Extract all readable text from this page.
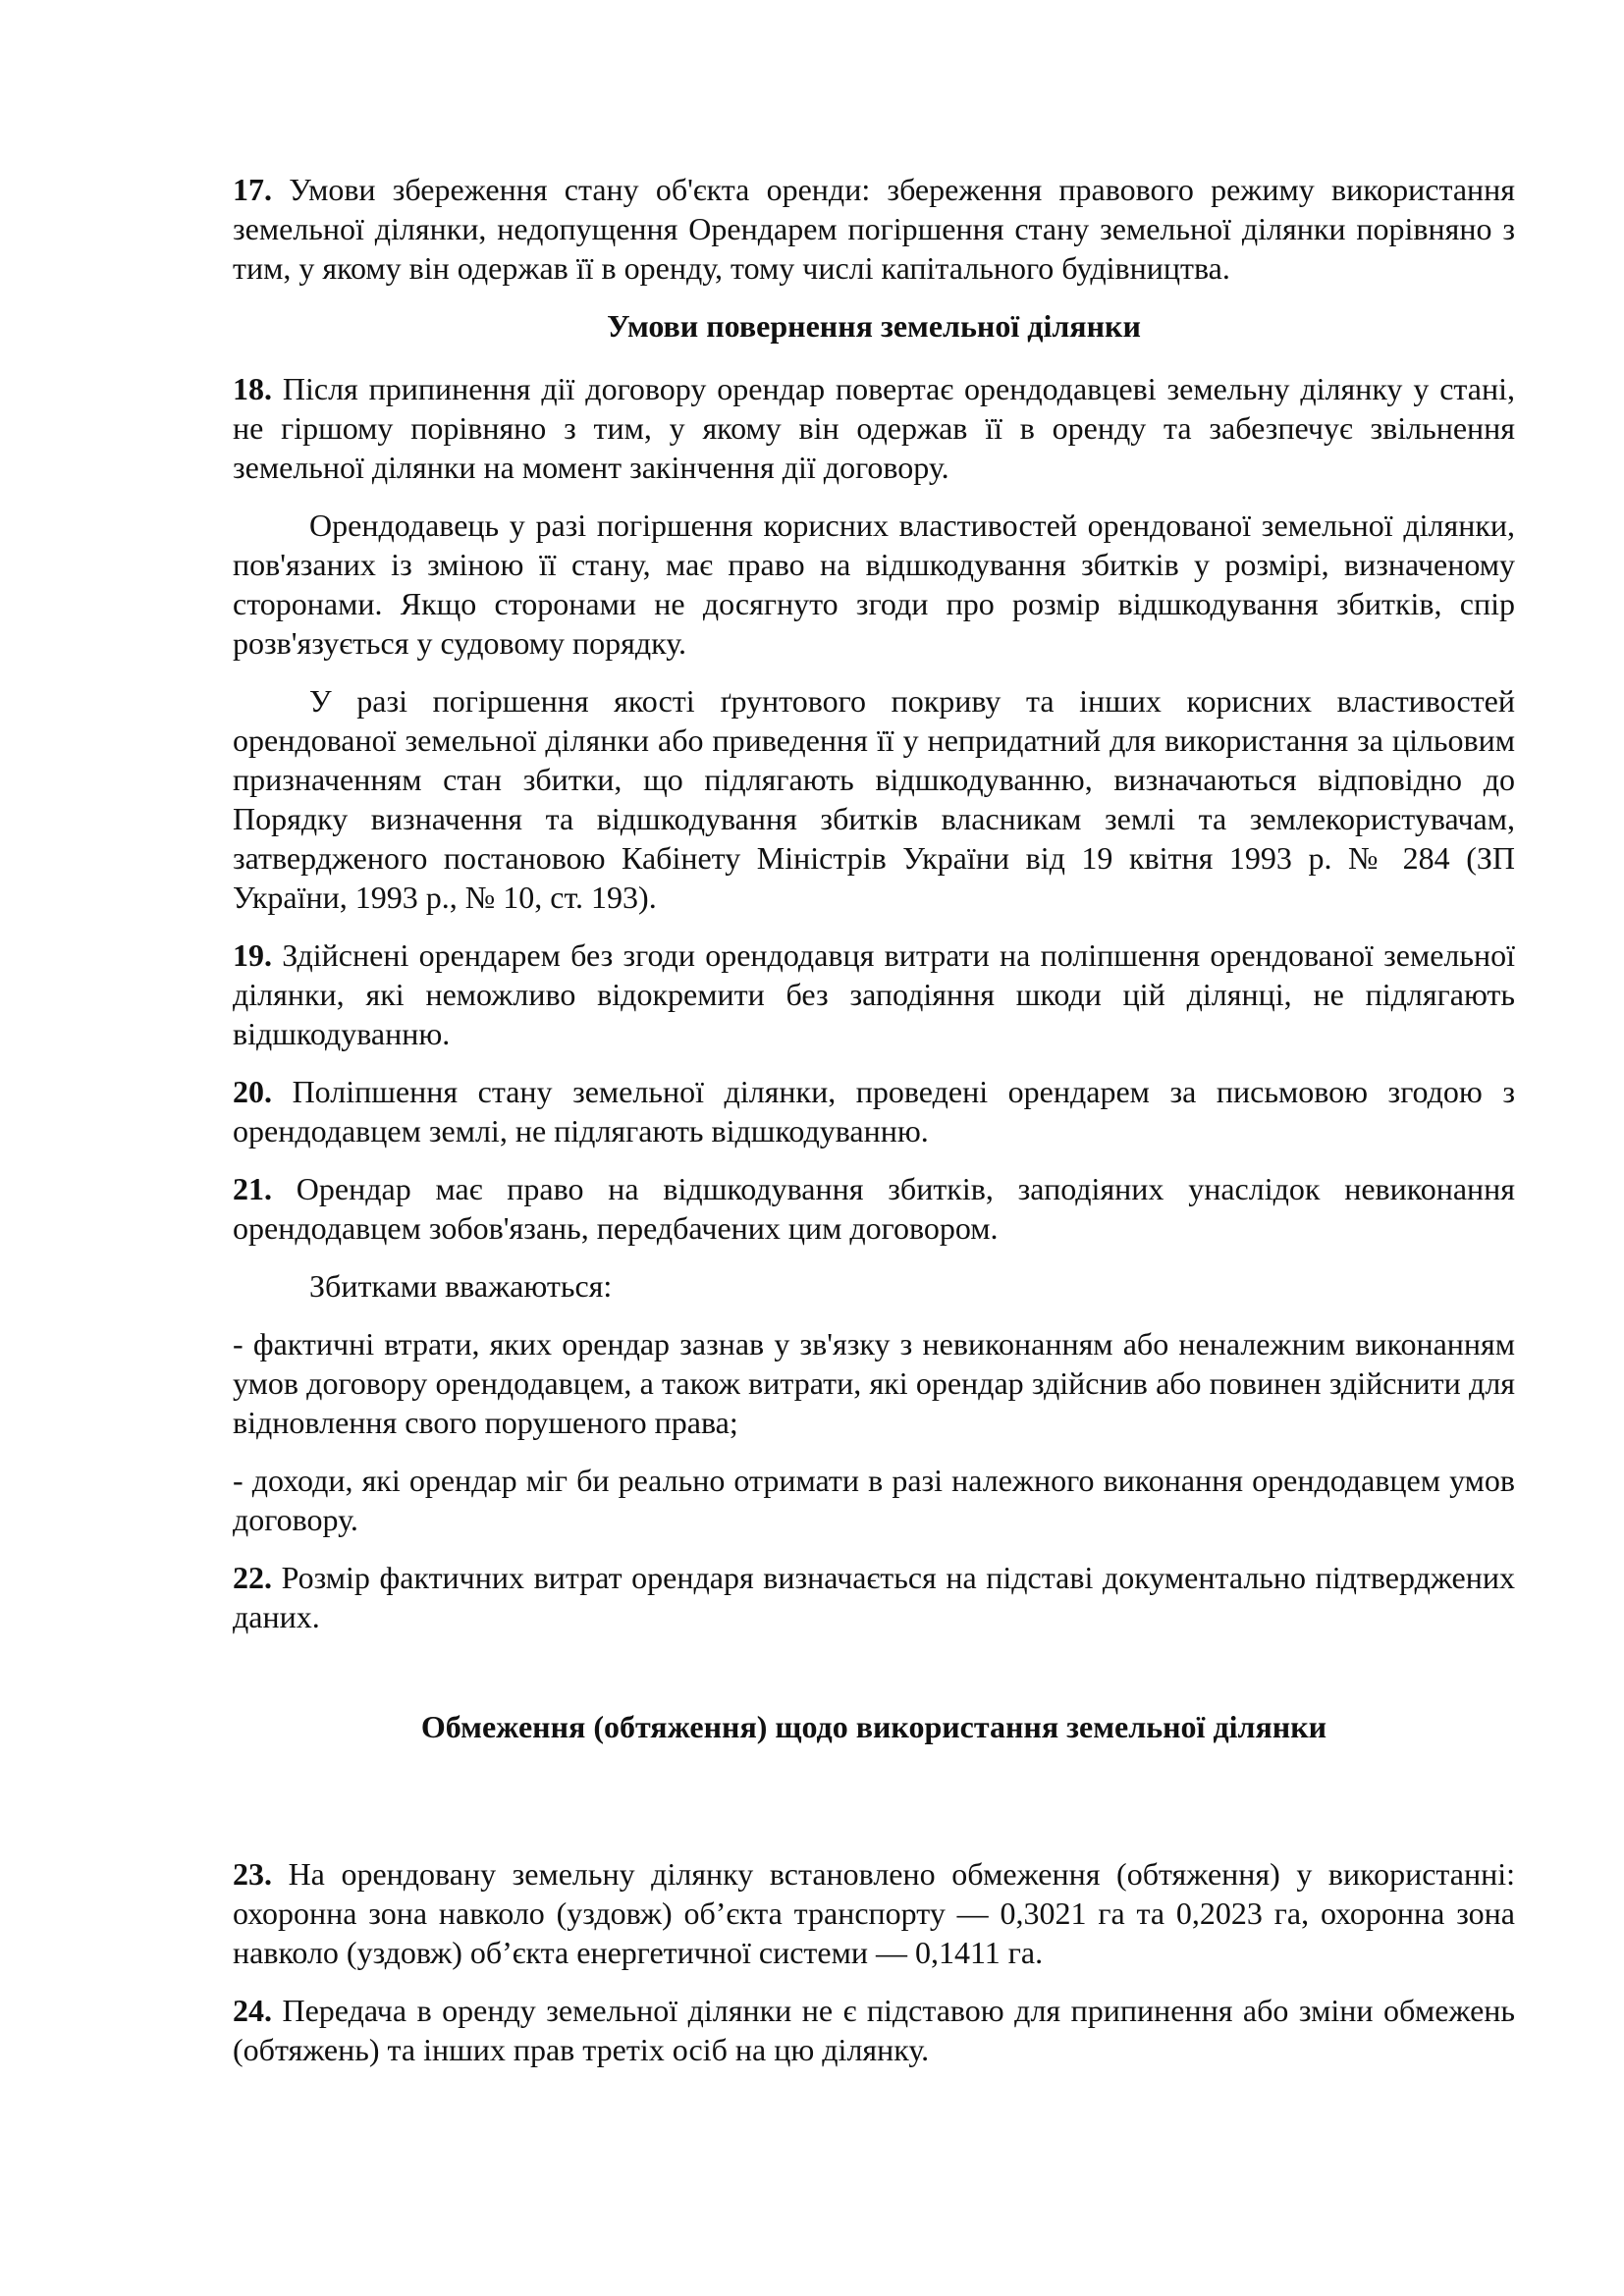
17. Умови збереження стану об'єкта оренди: збереження правового режиму використання земельної ділянки, недопущення Орендарем погіршення стану земельної ділянки порівняно з тим, у якому він одержав її в оренду, тому числі капітального будівництва.

Умови повернення земельної ділянки

18. Після припинення дії договору орендар повертає орендодавцеві земельну ділянку у стані, не гіршому порівняно з тим, у якому він одержав її в оренду та забезпечує звільнення земельної ділянки на момент закінчення дії договору.

Орендодавець у разі погіршення корисних властивостей орендованої земельної ділянки, пов'язаних із зміною її стану, має право на відшкодування збитків у розмірі, визначеному сторонами. Якщо сторонами не досягнуто згоди про розмір відшкодування збитків, спір розв'язується у судовому порядку.

У разі погіршення якості ґрунтового покриву та інших корисних властивостей орендованої земельної ділянки або приведення її у непридатний для використання за цільовим призначенням стан збитки, що підлягають відшкодуванню, визначаються відповідно до Порядку визначення та відшкодування збитків власникам землі та землекористувачам, затвердженого постановою Кабінету Міністрів України від 19 квітня 1993 р. № 284 (ЗП України, 1993 р., № 10, ст. 193).

19. Здійснені орендарем без згоди орендодавця витрати на поліпшення орендованої земельної ділянки, які неможливо відокремити без заподіяння шкоди цій ділянці, не підлягають відшкодуванню.

20. Поліпшення стану земельної ділянки, проведені орендарем за письмовою згодою з орендодавцем землі, не підлягають відшкодуванню.

21. Орендар має право на відшкодування збитків, заподіяних унаслідок невиконання орендодавцем зобов'язань, передбачених цим договором.

Збитками вважаються:

- фактичні втрати, яких орендар зазнав у зв'язку з невиконанням або неналежним виконанням умов договору орендодавцем, а також витрати, які орендар здійснив або повинен здійснити для відновлення свого порушеного права;

- доходи, які орендар міг би реально отримати в разі належного виконання орендодавцем умов договору.

22. Розмір фактичних витрат орендаря визначається на підставі документально підтверджених даних.

Обмеження (обтяження) щодо використання земельної ділянки

23. На орендовану земельну ділянку встановлено обмеження (обтяження) у використанні: охоронна зона навколо (уздовж) об’єкта транспорту — 0,3021 га та 0,2023 га, охоронна зона навколо (уздовж) об’єкта енергетичної системи — 0,1411 га.

24. Передача в оренду земельної ділянки не є підставою для припинення або зміни обмежень (обтяжень) та інших прав третіх осіб на цю ділянку.
